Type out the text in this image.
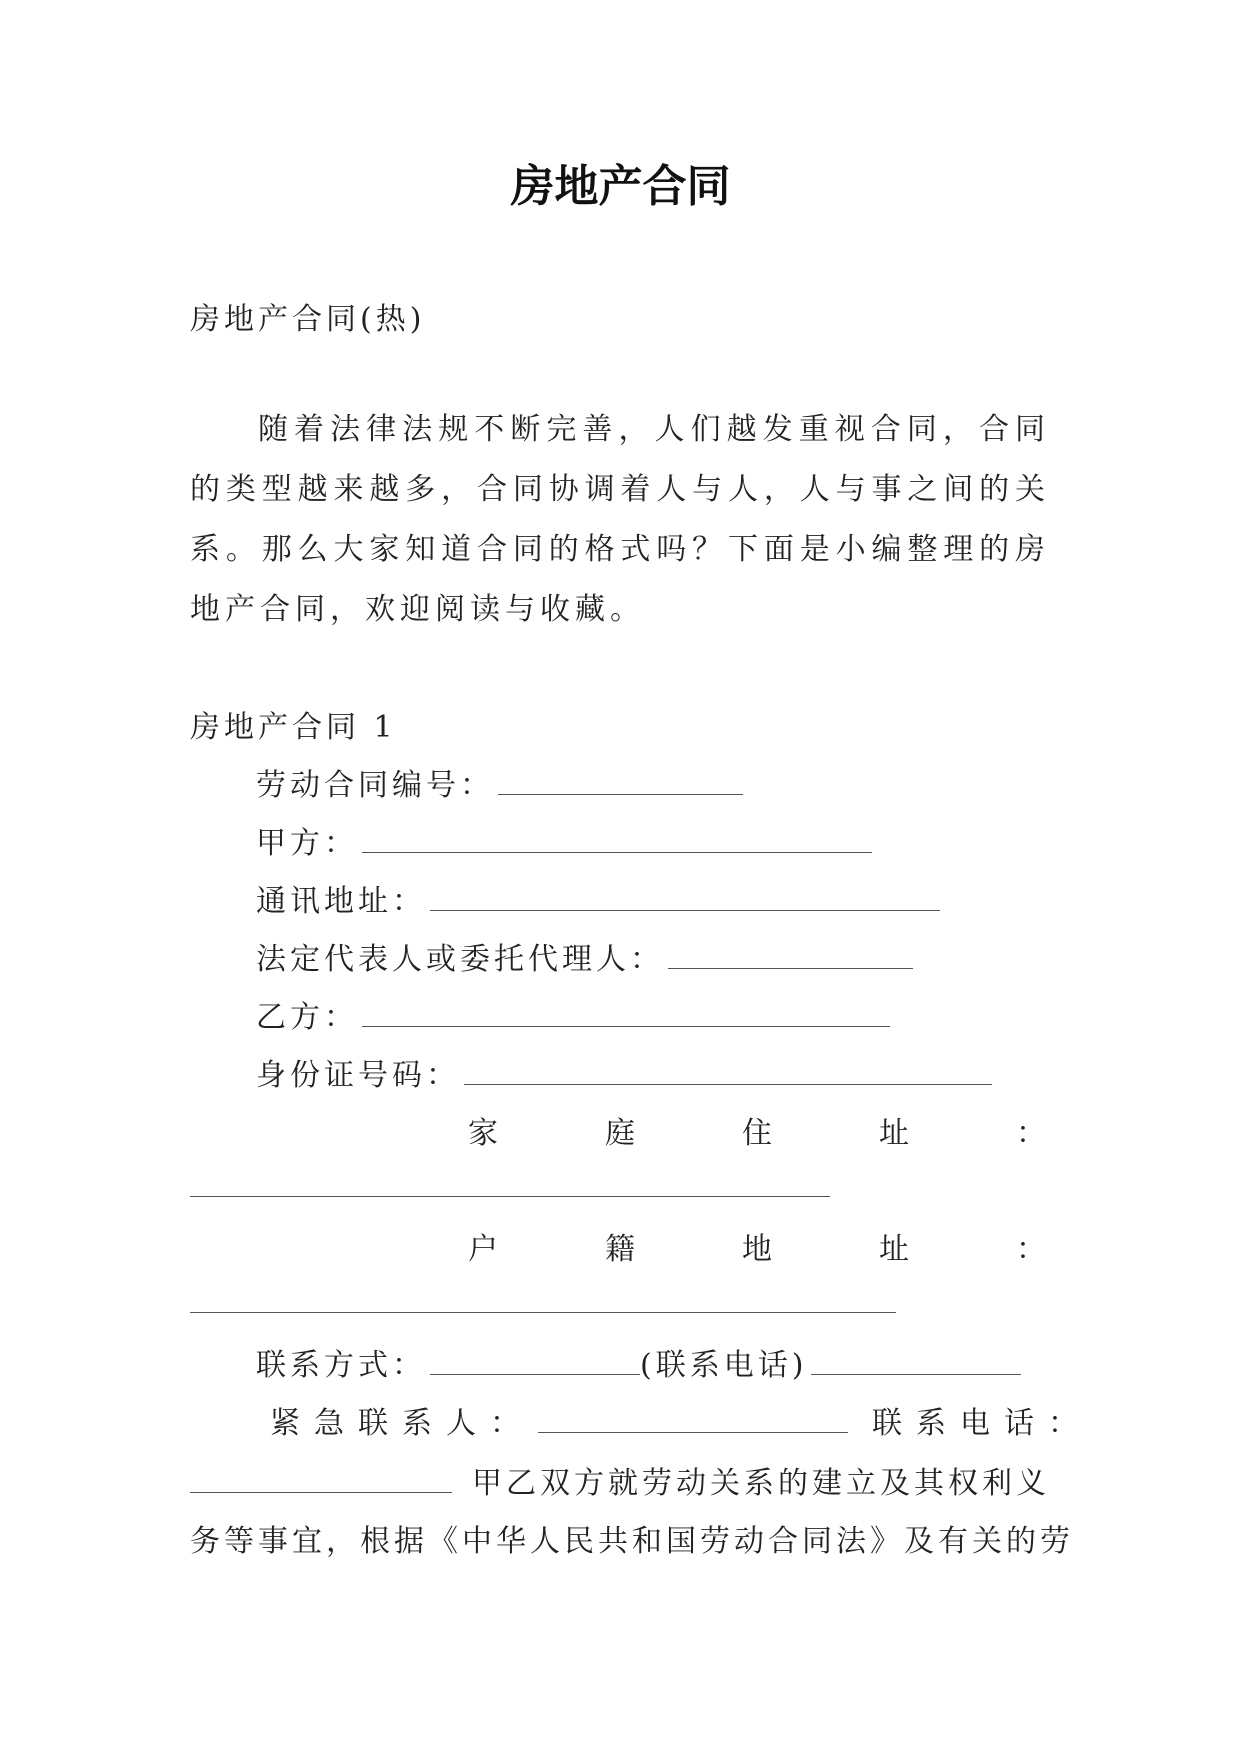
房地产合同
房地产合同(热)
随着法律法规不断完善，人们越发重视合同，合同的类型越来越多，合同协调着人与人，人与事之间的关系。那么大家知道合同的格式吗？下面是小编整理的房地产合同，欢迎阅读与收藏。
房地产合同 1
劳动合同编号：
甲方：
通讯地址：
法定代表人或委托代理人：
乙方：
身份证号码：
家	庭	住	址	：
户	籍	地	址	：
联系方式：	(联系电话)
紧急联系人：	联系电话：
甲乙双方就劳动关系的建立及其权利义
务等事宜，根据《中华人民共和国劳动合同法》及有关的劳
